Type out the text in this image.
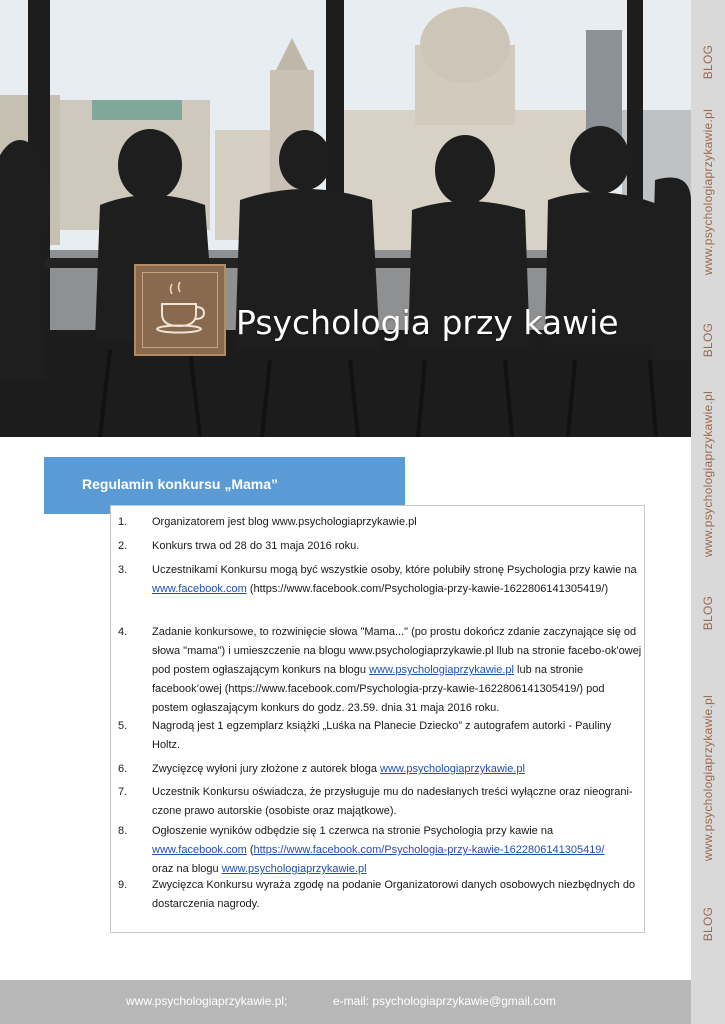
Psychologia przy kawie
BLOG
www.psychologiaprzykawie.pl
BLOG
www.psychologiaprzykawie.pl
BLOG
www.psychologiaprzykawie.pl
BLOG
Regulamin konkursu „Mama”
1.	Organizatorem jest blog www.psychologiaprzykawie.pl
2.	Konkurs trwa od 28 do 31 maja 2016 roku.
3.	Uczestnikami Konkursu mogą być wszystkie osoby, które polubiły stronę Psychologia przy kawie na www.facebook.com (https://www.facebook.com/Psychologia-przy-kawie-1622806141305419/)
4.	Zadanie konkursowe, to rozwinięcie słowa "Mama..." (po prostu dokończ zdanie zaczynające się od słowa "mama") i umieszczenie na blogu www.psychologiaprzykawie.pl llub na stronie facebo-ok'owej pod postem ogłaszającym konkurs na blogu www.psychologiaprzykawie.pl lub na stronie facebook’owej (https://www.facebook.com/Psychologia-przy-kawie-1622806141305419/) pod postem ogłaszającym konkurs do godz. 23.59. dnia 31 maja 2016 roku.
5.	Nagrodą jest 1 egzemplarz książki „Luśka na Planecie Dziecko” z autografem autorki - Pauliny Holtz.
6.	Zwycięzcę wyłoni jury złożone z autorek bloga www.psychologiaprzykawie.pl
7.	Uczestnik Konkursu oświadcza, że przysługuje mu do nadesłanych treści wyłączne oraz nieograni-czone prawo autorskie (osobiste oraz majątkowe).
8.	Ogłoszenie wyników odbędzie się 1 czerwca na stronie Psychologia przy kawie na www.facebook.com (https://www.facebook.com/Psychologia-przy-kawie-1622806141305419/
oraz na blogu www.psychologiaprzykawie.pl
9.	Zwycięzca Konkursu wyraża zgodę na podanie Organizatorowi danych osobowych niezbędnych do dostarczenia nagrody.
www.psychologiaprzykawie.pl;	e-mail: psychologiaprzykawie@gmail.com
